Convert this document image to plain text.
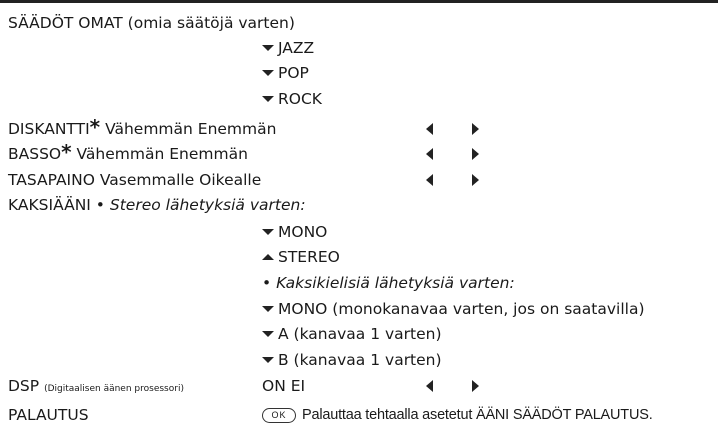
SÄÄDÖT OMAT (omia säätöjä varten)
JAZZ
POP
ROCK
DISKANTTI* Vähemmän Enemmän
BASSO* Vähemmän Enemmän
TASAPAINO Vasemmalle Oikealle
KAKSIÄÄNI • Stereo lähetyksiä varten:
MONO
STEREO
• Kaksikielisiä lähetyksiä varten:
MONO (monokanavaa varten, jos on saatavilla)
A (kanavaa 1 varten)
B (kanavaa 1 varten)
DSP (Digitaalisen äänen prosessori)	ON EI
PALAUTUS	OK Palauttaa tehtaalla asetetut ÄÄNI SÄÄDÖT PALAUTUS.
